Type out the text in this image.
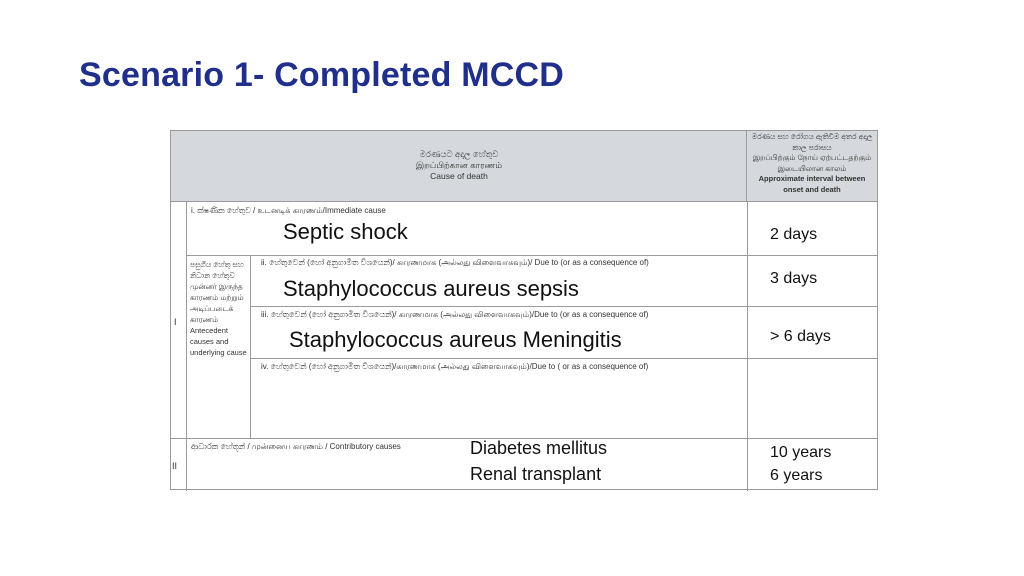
Scenario 1- Completed MCCD
මරණයට අදාල හේතුව
இறப்பிற்கான காரணம்
Cause of death
මරණය සහ රෝගය ඇතිවීම අතර අදාල කාල පරාසය
இறப்பிற்கும் நோய் ஏற்பட்டதற்கும் இடையிலான காலம்
Approximate interval between onset and death
I
II
පසුගිය හේතු සහ නිධාන හේතුව
முன்னர் இருந்த காரணம் மற்றும் அடிப்படைக் காரணம்
Antecedent causes and underlying cause
i. ක්ෂණික හේතුව / உடனடிக் காரணம்/Immediate cause
ii. හේතුවෙන් (හෝ අනුගාමිත විශයෙන්)/ காரணமாக (அல்லது விளைவாகவும்)/ Due to (or as a consequence of)
iii. හේතුවෙන් (හෝ අනුගාමිත විශයෙන්)/ காரணமாக (அல்லது விளைவாகவும்)/Due to (or as a consequence of)
iv. හේතුවෙන් (හෝ අනුගාමිත විශයෙන්)/காரணமாக (அல்லது விளைவாகவும்)/Due to ( or as a consequence of)
ආධාරක හේතූන් / முன்னைய காரணம் / Contributory causes
Septic shock
Staphylococcus aureus sepsis
Staphylococcus aureus Meningitis
Diabetes mellitus
Renal transplant
2 days
3 days
> 6 days
10 years
6 years
